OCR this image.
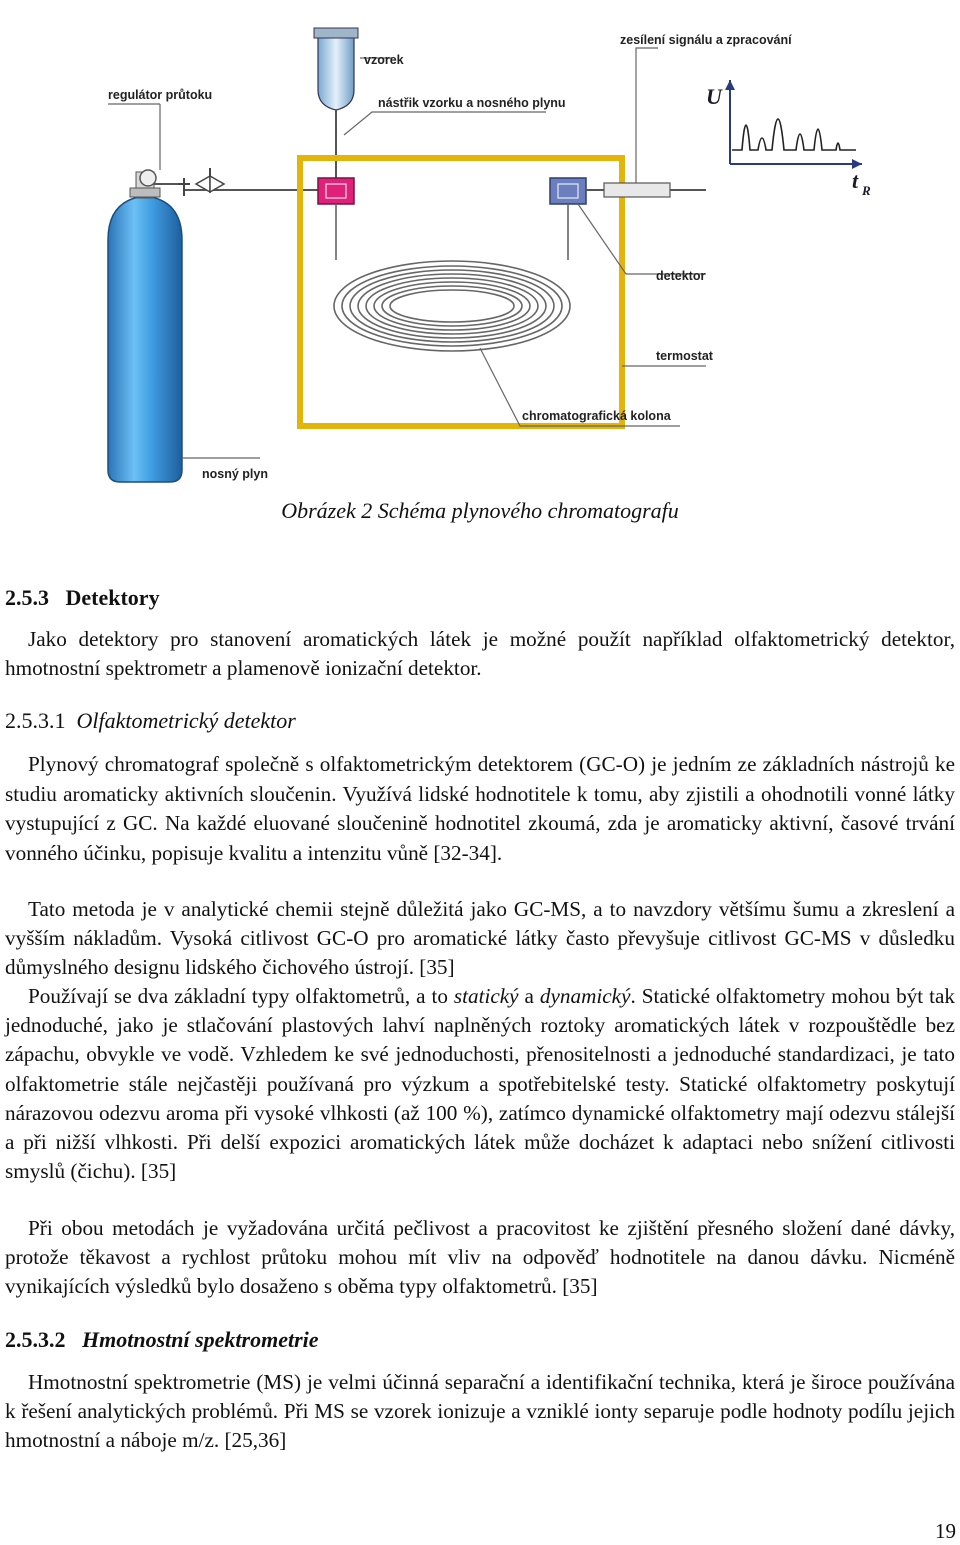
regulátor průtoku
vzorek
nástřik vzorku a nosného plynu
zesílení signálu a zpracování
U
t R
detektor
termostat
chromatografická kolona
nosný plyn
Obrázek 2 Schéma plynového chromatografu
2.5.3 Detektory

Jako detektory pro stanovení aromatických látek je možné použít například olfaktometrický detektor, hmotnostní spektrometr a plamenově ionizační detektor.

2.5.3.1 Olfaktometrický detektor

Plynový chromatograf společně s olfaktometrickým detektorem (GC-O) je jedním ze základních nástrojů ke studiu aromaticky aktivních sloučenin. Využívá lidské hodnotitele k tomu, aby zjistili a ohodnotili vonné látky vystupující z GC. Na každé eluované sloučenině hodnotitel zkoumá, zda je aromaticky aktivní, časové trvání vonného účinku, popisuje kvalitu a intenzitu vůně [32-34].

Tato metoda je v analytické chemii stejně důležitá jako GC-MS, a to navzdory většímu šumu a zkreslení a vyšším nákladům. Vysoká citlivost GC-O pro aromatické látky často převyšuje citlivost GC-MS v důsledku důmyslného designu lidského čichového ústrojí. [35]

Používají se dva základní typy olfaktometrů, a to statický a dynamický. Statické olfaktometry mohou být tak jednoduché, jako je stlačování plastových lahví naplněných roztoky aromatických látek v rozpouštědle bez zápachu, obvykle ve vodě. Vzhledem ke své jednoduchosti, přenositelnosti a jednoduché standardizaci, je tato olfaktometrie stále nejčastěji používaná pro výzkum a spotřebitelské testy. Statické olfaktometry poskytují nárazovou odezvu aroma při vysoké vlhkosti (až 100 %), zatímco dynamické olfaktometry mají odezvu stálejší a při nižší vlhkosti. Při delší expozici aromatických látek může docházet k adaptaci nebo snížení citlivosti smyslů (čichu). [35]

Při obou metodách je vyžadována určitá pečlivost a pracovitost ke zjištění přesného složení dané dávky, protože těkavost a rychlost průtoku mohou mít vliv na odpověď hodnotitele na danou dávku. Nicméně vynikajících výsledků bylo dosaženo s oběma typy olfaktometrů. [35]

2.5.3.2 Hmotnostní spektrometrie

Hmotnostní spektrometrie (MS) je velmi účinná separační a identifikační technika, která je široce používána k řešení analytických problémů. Při MS se vzorek ionizuje a vzniklé ionty separuje podle hodnoty podílu jejich hmotnostní a náboje m/z. [25,36]

19
